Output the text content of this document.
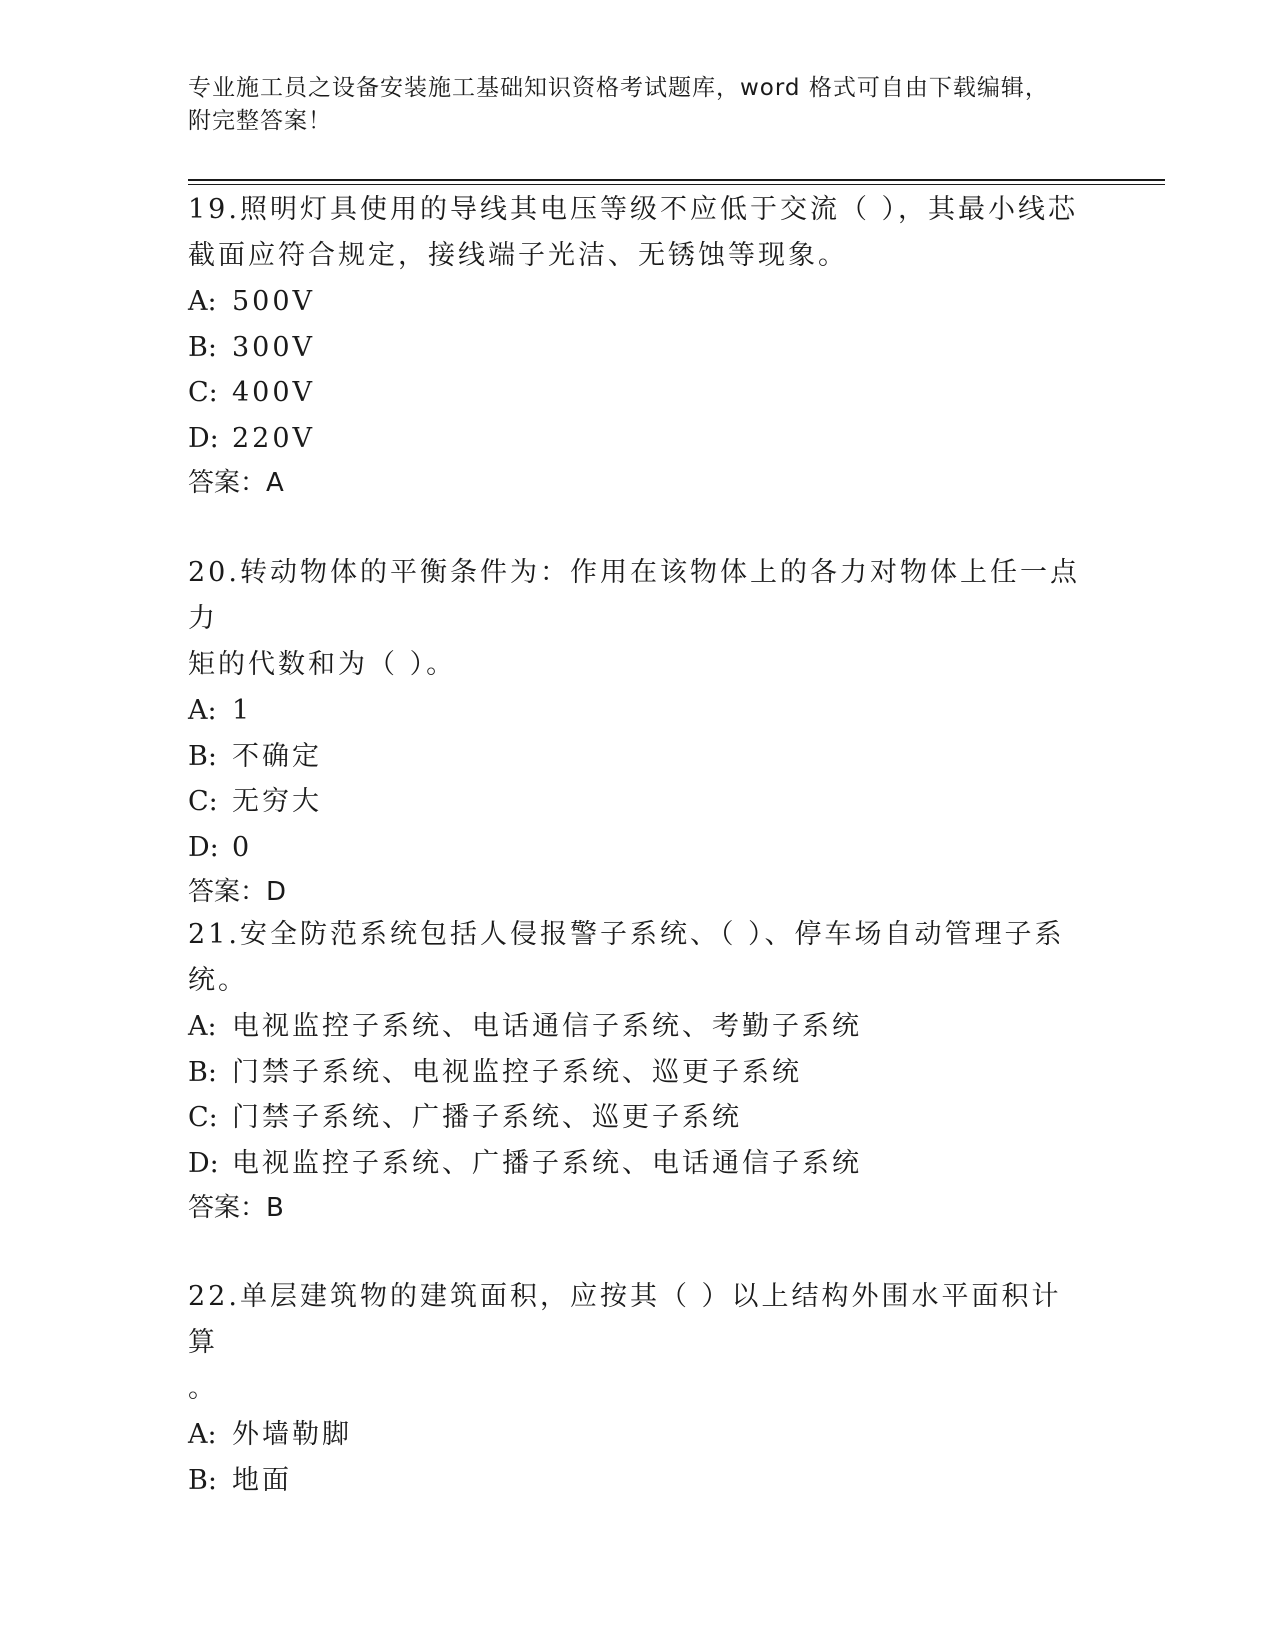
专业施工员之设备安装施工基础知识资格考试题库，word 格式可自由下载编辑，
附完整答案！

19.照明灯具使用的导线其电压等级不应低于交流（ ），其最小线芯

截面应符合规定，接线端子光洁、无锈蚀等现象。

A: 500V

B: 300V

C: 400V

D: 220V

答案：A

20.转动物体的平衡条件为：作用在该物体上的各力对物体上任一点力

矩的代数和为（ ）。

A: 1

B: 不确定

C: 无穷大

D: 0

答案：D

21.安全防范系统包括人侵报警子系统、（ ）、停车场自动管理子系

统。

A: 电视监控子系统、电话通信子系统、考勤子系统

B: 门禁子系统、电视监控子系统、巡更子系统

C: 门禁子系统、广播子系统、巡更子系统

D: 电视监控子系统、广播子系统、电话通信子系统

答案：B

22.单层建筑物的建筑面积，应按其（ ）以上结构外围水平面积计算

。

A: 外墙勒脚

B: 地面
